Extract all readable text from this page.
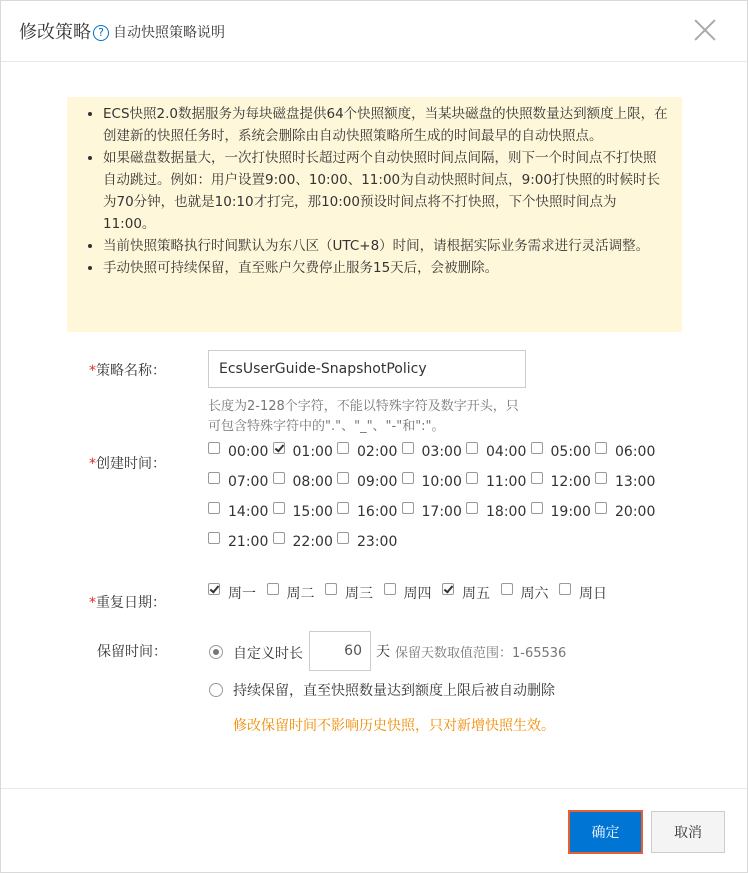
修改策略 ? 自动快照策略说明
• ECS快照2.0数据服务为每块磁盘提供64个快照额度，当某块磁盘的快照数量达到额度上限，在创建新的快照任务时，系统会删除由自动快照策略所生成的时间最早的自动快照点。
• 如果磁盘数据量大，一次打快照时长超过两个自动快照时间点间隔，则下一个时间点不打快照自动跳过。例如：用户设置9:00、10:00、11:00为自动快照时间点，9:00打快照的时候时长为70分钟，也就是10:10才打完，那10:00预设时间点将不打快照，下个快照时间点为11:00。
• 当前快照策略执行时间默认为东八区（UTC+8）时间，请根据实际业务需求进行灵活调整。
• 手动快照可持续保留，直至账户欠费停止服务15天后，会被删除。
*策略名称：	EcsUserGuide-SnapshotPolicy
长度为2-128个字符，不能以特殊字符及数字开头，只可包含特殊字符中的"."、"_"、"-"和":"。
*创建时间：
00:00 01:00 02:00 03:00 04:00 05:00 06:00
07:00 08:00 09:00 10:00 11:00 12:00 13:00
14:00 15:00 16:00 17:00 18:00 19:00 20:00
21:00 22:00 23:00
*重复日期：
周一 周二 周三 周四 周五 周六 周日
保留时间：	自定义时长	60	天 保留天数取值范围：1-65536
持续保留，直至快照数量达到额度上限后被自动删除
修改保留时间不影响历史快照，只对新增快照生效。
确定	取消
